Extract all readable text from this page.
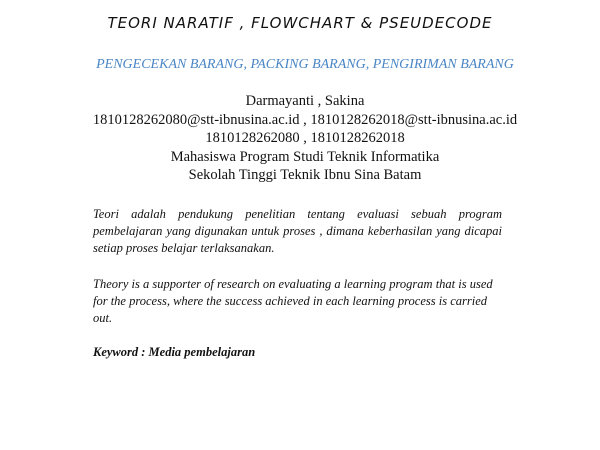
TEORI NARATIF , FLOWCHART & PSEUDECODE
PENGECEKAN BARANG, PACKING BARANG, PENGIRIMAN BARANG
Darmayanti , Sakina
1810128262080@stt-ibnusina.ac.id , 1810128262018@stt-ibnusina.ac.id
1810128262080 , 1810128262018
Mahasiswa Program Studi Teknik Informatika
Sekolah Tinggi Teknik Ibnu Sina Batam
Teori adalah pendukung penelitian tentang evaluasi sebuah program pembelajaran yang digunakan untuk proses , dimana keberhasilan yang dicapai setiap proses belajar terlaksanakan.
Theory is a supporter of research on evaluating a learning program that is used for the process, where the success achieved in each learning process is carried out.
Keyword : Media pembelajaran
